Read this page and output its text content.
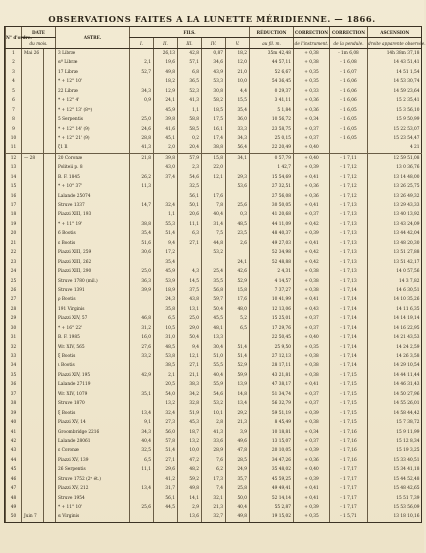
OBSERVATIONS FAITES A LA LUNETTE MÉRIDIENNE. — 1866.
N° d'ordre.	DATE		ASTRE.	FILS.					RÉDUCTION	CORRECTION	CORRECTION	ASCENSION
	du mois.			I.	II.	III.	IV.	V.	au fil. m.	de l'instrument.	de la pendule.	droite apparente observée.

1	Mai 26		3 Libræ		26,13	42,8	0,87	18,2	35m 42,48	+ 0,38	- 1m 6,08	14h 38m 37,18
2			αª Libræ	2,1	19,6	57,1	34,6	12,0	44 57,11	+ 0,38	- 1 6,08	14 43 51,41
3			17 Libræ	52,7	49,8	6,8	43,9	21,0	52 6,67	+ 0,35	- 1 6,07	14 51 1,54
4			* + 12° 10'		18,2	36,5	53,3	10,0	54 36,45	+ 0,35	- 1 6,06	14 53 30,74
5			22 Libræ	34,3	12,9	52,3	30,8	4,4	0 29,37	+ 0,33	- 1 6,06	14 59 23,64
6			* + 12° 4'	0,9	24,1	41,3	58,2	15,5	3 41,11	+ 0,36	- 1 6,06	15 2 35,41
7			* + 12° 13' (8ᵐ)		45,9	1,1	18,5	35,4	5 1,84	+ 0,36	- 1 6,05	15 3 56,10
8			5 Serpentis	25,0	39,8	58,8	17,5	36,0	10 56,72	+ 0,34	- 1 6,05	15 9 50,99
9			* + 12° 14' (9)	24,6	41,6	58,5	16,1	33,3	23 58,75	+ 0,37	- 1 6,05	15 22 53,07
10			* + 12° 21' (9)	28,8	45,1	0,2	17,4	34,3	25 0,15	+ 0,37	- 1 6,05	15 23 54,47
11			ζ1 Il	41,3	2,0	20,4	38,8	56,4	22 20,49	+ 0,40		4 21
12	— 28		20 Coronæ	21,8	39,8	57,9	15,8	34,1	0 57,79	+ 0,40	- 1 7,11	12 59 51,08
13			Politeii p. 8		43,0	2,3	22,0		1 42,7	+ 0,39	- 1 7,12	13 0 36,76
14			B. F. 1845	26,2	37,4	54,6	12,1	29,3	15 54,69	+ 0,41	- 1 7,12	13 14 48,00
15			* + 10° 37'	11,3		32,5		53,6	27 32,51	+ 0,36	- 1 7,12	13 26 25,75
16			Lalande 25074			56,1	17,6		27 56,08	+ 0,36	- 1 7,12	13 26 49,32
17			Struve 1337	14,7	32,4	50,1	7,8	25,6	30 50,05	+ 0,41	- 1 7,13	13 29 43,33
18			Piazzi XIII, 193		1,1	20,6	40,4	0,3	41 20,68	+ 0,37	- 1 7,13	13 40 13,92
19			* + 11° 19'	38,8	55,3	11,1	31,4	48,5	44 11,09	+ 0,42	- 1 7,13	13 43 24,09
20			6 Bootis	35,4	51,4	6,3	7,5	23,5	48 40,37	+ 0,39	- 1 7,13	13 44 42,04
21			ε Bootis	51,6	9,4	27,1	44,8	2,6	49 27,03	+ 0,41	- 1 7,13	13 48 20,30
22			Piazzi XIII, 259	30,6	17,2		53,2		52 34,98	+ 0,42	- 1 7,13	13 51 27,88
23			Piazzi XIII, 262		35,4			24,1	52 48,88	+ 0,42	- 1 7,13	13 51 42,17
24			Piazzi XIII, 290	25,0	45,9	4,3	25,4	42,6	2 4,31	+ 0,38	- 1 7,13	14 0 57,56
25			Struve 1780 (mil.)	36,3	53,9	14,5	35,5	52,9	4 14,57	+ 0,38	- 1 7,13	14 3 7,82
26			Struve 1391	39,9	18,9	37,5	56,8	15,8	7 37,27	+ 0,38	- 1 7,14	14 6 30,51
27			ρ Bootis		24,3	43,8	59,7	17,6	10 41,99	+ 0,41	- 1 7,14	14 10 35,26
28			191 Virginis		35,8	13,1	50,4	48,0	12 13,06	+ 0,43	- 1 7,14	14 11 6,35
29			Piazzi XIV, 57	46,8	6,5	25,0	45,5	5,2	15 25,01	+ 0,37	- 1 7,14	14 14 19,14
30			* + 16° 22'	31,2	10,5	29,0	48,1	6,5	17 29,76	+ 0,37	- 1 7,14	14 16 22,95
31			B. F. 1985	16,0	31,0	50,4	13,3		22 50,45	+ 0,40	- 1 7,14	14 21 43,53
32			Wr. XIV, 565	27,6	48,5	9,4	30,4	51,4	25 9,50	+ 0,35	- 1 7,14	14 24 2,59
33			ξ Bootis	33,2	53,8	12,1	51,0	51,4	27 12,13	+ 0,38	- 1 7,14	14 26 3,58
34			ι Bootis		38,5	27,1	55,5	52,9	28 17,11	+ 0,38	- 1 7,14	14 29 10,54
35			Piazzi XIV, 195	42,9	2,1	21,1	40,4	59,9	43 21,81	+ 0,38	- 1 7,15	14 44 11,44
36			Lalande 27119		20,5	38,3	55,9	13,9	47 38,17	+ 0,41	- 1 7,15	14 46 31,43
37			Wr. XIV, 1079	35,1	54,0	34,2	54,6	14,8	51 34,74	+ 0,37	- 1 7,15	14 50 27,96
38			Struve 1870		13,2	32,8	53,2	13,4	56 32,79	+ 0,37	- 1 7,15	14 55 26,01
39			ξ Bootis	13,4	32,4	51,9	10,1	29,2	59 51,19	+ 0,39	- 1 7,15	14 58 44,42
40			Piazzi XV, 14	9,1	27,3	45,3	2,8	21,3	8 45,49	+ 0,38	- 1 7,15	15 7 38,72
41			Groombridge 2216	34,3	56,0	18,7	41,3	3,9	10 18,81	+ 0,34	- 1 7,16	15 9 11,99
42			Lalande 28061	40,4	57,8	13,2	33,6	49,6	13 15,07	+ 0,37	- 1 7,16	15 12 8,34
43			ε Coronæ	32,5	51,4	10,0	28,9	47,8	20 10,05	+ 0,39	- 1 7,16	15 19 3,25
44			Piazzi XV, 139	6,5	27,1	47,2	7,6	28,5	34 47,26	+ 0,36	- 1 7,16	15 33 40,51
45			26 Serpentis	11,1	29,6	48,2	6,2	24,9	35 48,02	+ 0,40	- 1 7,17	15 34 41,18
46			Struve 1752 (2ᵉ ét.)		41,2	59,2	17,3	35,7	45 59,25	+ 0,39	- 1 7,17	15 44 52,48
47			Piazzi XV, 212	13,4	31,7	49,8	7,4	25,8	49 49,41	+ 0,41	- 1 7,17	15 48 42,65
48			Struve 1954		56,1	14,1	32,1	50,0	52 14,14	+ 0,41	- 1 7,17	15 51 7,39
49			* + 11° 10'	25,6	44,5	2,9	21,3	40,4	55 2,87	+ 0,39	- 1 7,17	15 53 56,09
50	Juin 7		α Virginis			13,6	32,7	49,8	19 15,02	+ 0,35	- 1 5,71	13 18 10,16
